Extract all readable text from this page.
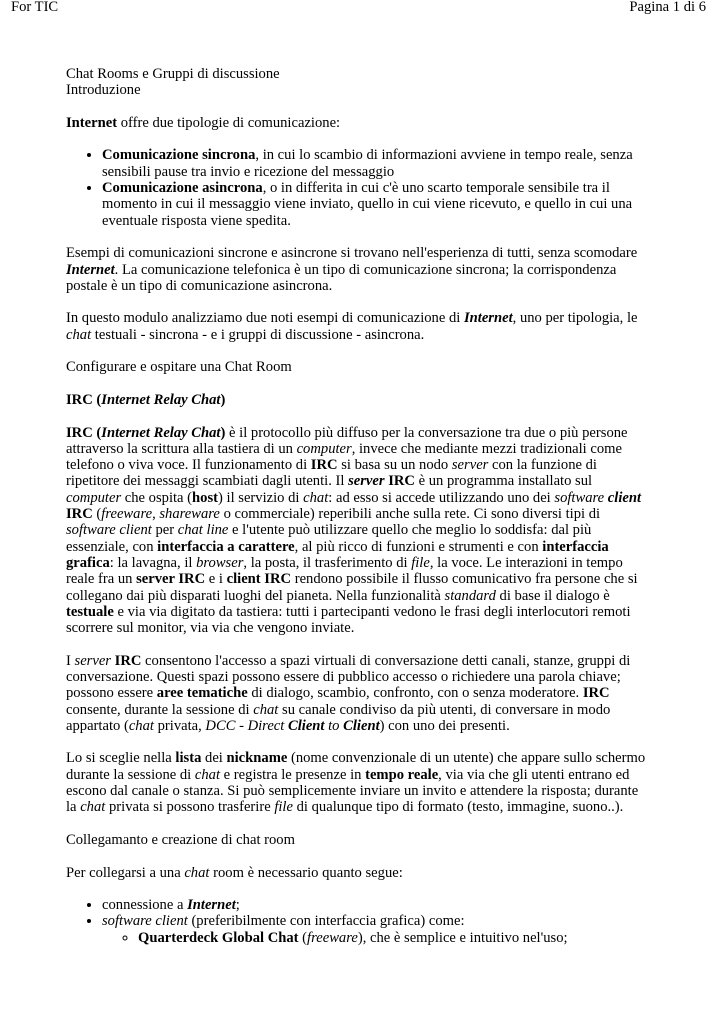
For TIC	Pagina 1 di 6

Chat Rooms e Gruppi di discussione
Introduzione

Internet offre due tipologie di comunicazione:

• Comunicazione sincrona, in cui lo scambio di informazioni avviene in tempo reale, senza sensibili pause tra invio e ricezione del messaggio
• Comunicazione asincrona, o in differita in cui c'è uno scarto temporale sensibile tra il momento in cui il messaggio viene inviato, quello in cui viene ricevuto, e quello in cui una eventuale risposta viene spedita.

Esempi di comunicazioni sincrone e asincrone si trovano nell'esperienza di tutti, senza scomodare Internet. La comunicazione telefonica è un tipo di comunicazione sincrona; la corrispondenza postale è un tipo di comunicazione asincrona.

In questo modulo analizziamo due noti esempi di comunicazione di Internet, uno per tipologia, le chat testuali - sincrona - e i gruppi di discussione - asincrona.

Configurare e ospitare una Chat Room

IRC (Internet Relay Chat)

IRC (Internet Relay Chat) è il protocollo più diffuso per la conversazione tra due o più persone attraverso la scrittura alla tastiera di un computer, invece che mediante mezzi tradizionali come telefono o viva voce. Il funzionamento di IRC si basa su un nodo server con la funzione di ripetitore dei messaggi scambiati dagli utenti. Il server IRC è un programma installato sul computer che ospita (host) il servizio di chat: ad esso si accede utilizzando uno dei software client IRC (freeware, shareware o commerciale) reperibili anche sulla rete. Ci sono diversi tipi di software client per chat line e l'utente può utilizzare quello che meglio lo soddisfa: dal più essenziale, con interfaccia a carattere, al più ricco di funzioni e strumenti e con interfaccia grafica: la lavagna, il browser, la posta, il trasferimento di file, la voce. Le interazioni in tempo reale fra un server IRC e i client IRC rendono possibile il flusso comunicativo fra persone che si collegano dai più disparati luoghi del pianeta. Nella funzionalità standard di base il dialogo è testuale e via via digitato da tastiera: tutti i partecipanti vedono le frasi degli interlocutori remoti scorrere sul monitor, via via che vengono inviate.

I server IRC consentono l'accesso a spazi virtuali di conversazione detti canali, stanze, gruppi di conversazione. Questi spazi possono essere di pubblico accesso o richiedere una parola chiave; possono essere aree tematiche di dialogo, scambio, confronto, con o senza moderatore. IRC consente, durante la sessione di chat su canale condiviso da più utenti, di conversare in modo appartato (chat privata, DCC - Direct Client to Client) con uno dei presenti.

Lo si sceglie nella lista dei nickname (nome convenzionale di un utente) che appare sullo schermo durante la sessione di chat e registra le presenze in tempo reale, via via che gli utenti entrano ed escono dal canale o stanza. Si può semplicemente inviare un invito e attendere la risposta; durante la chat privata si possono trasferire file di qualunque tipo di formato (testo, immagine, suono..).

Collegamanto e creazione di chat room

Per collegarsi a una chat room è necessario quanto segue:

• connessione a Internet;
• software client (preferibilmente con interfaccia grafica) come:
◦ Quarterdeck Global Chat (freeware), che è semplice e intuitivo nel'uso;
